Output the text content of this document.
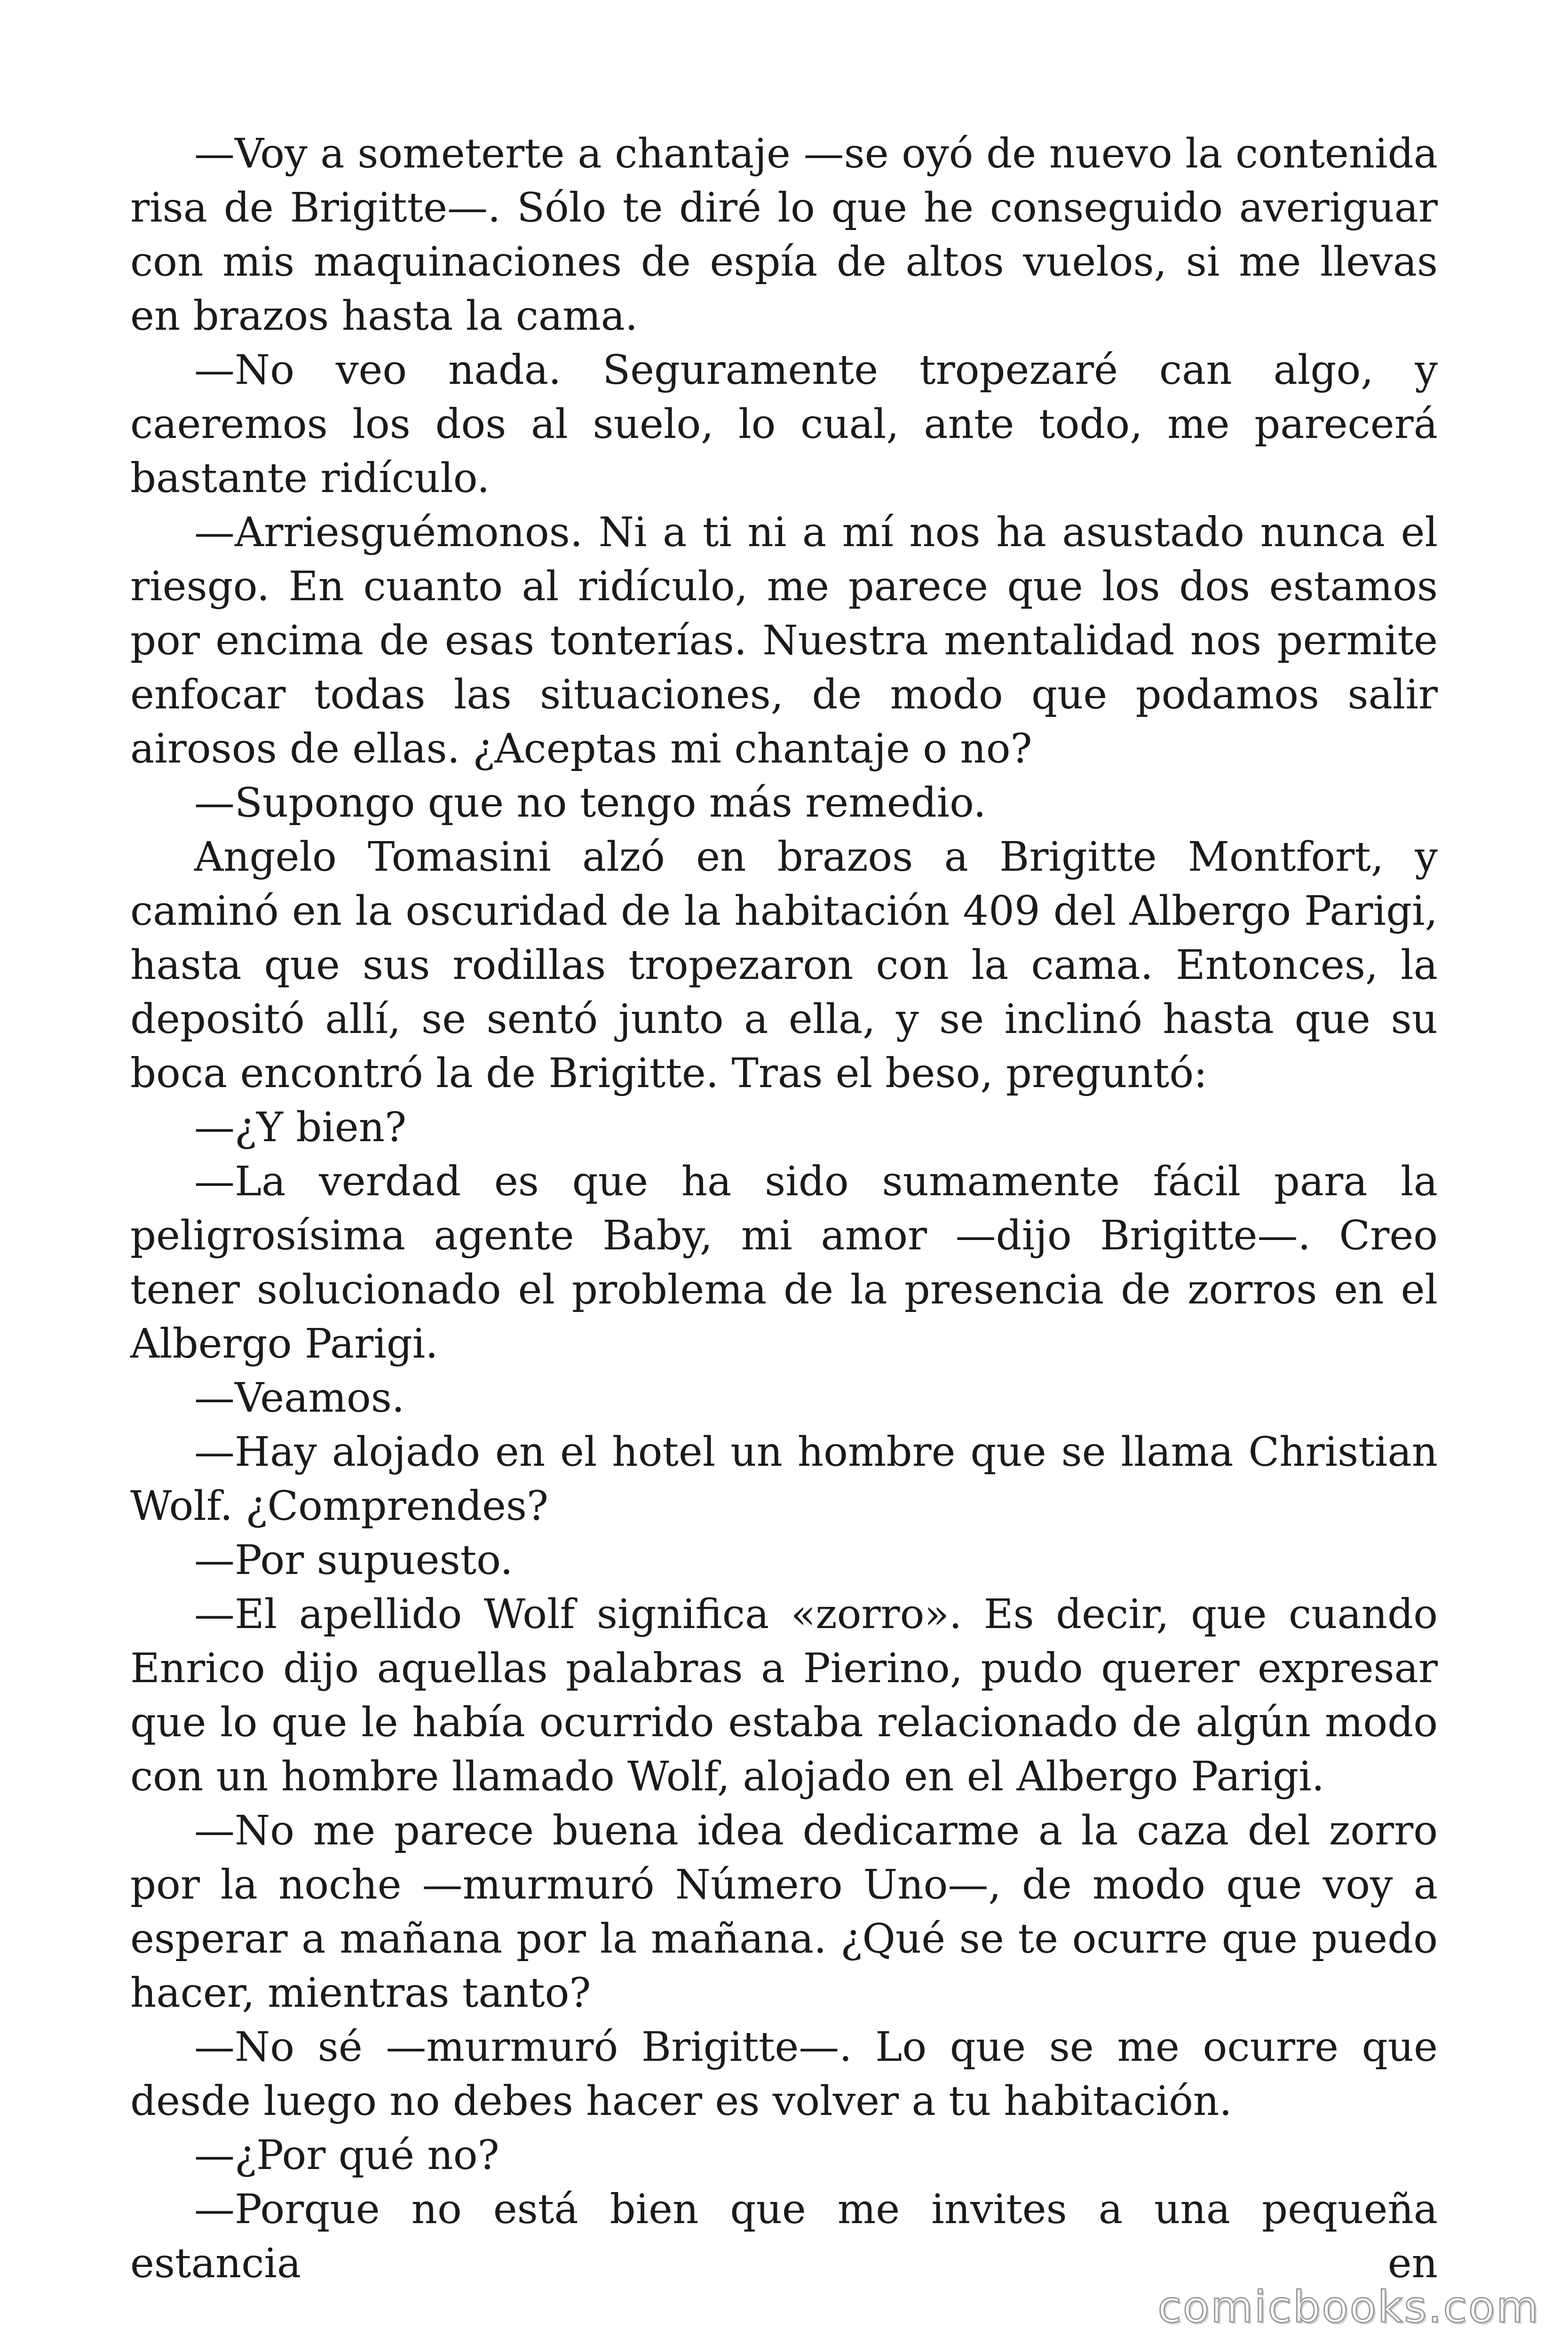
—Voy a someterte a chantaje —se oyó de nuevo la contenida risa de Brigitte—. Sólo te diré lo que he conseguido averiguar con mis maquinaciones de espía de altos vuelos, si me llevas en brazos hasta la cama.

—No veo nada. Seguramente tropezaré can algo, y caeremos los dos al suelo, lo cual, ante todo, me parecerá bastante ridículo.

—Arriesguémonos. Ni a ti ni a mí nos ha asustado nunca el riesgo. En cuanto al ridículo, me parece que los dos estamos por encima de esas tonterías. Nuestra mentalidad nos permite enfocar todas las situaciones, de modo que podamos salir airosos de ellas. ¿Aceptas mi chantaje o no?

—Supongo que no tengo más remedio.

Angelo Tomasini alzó en brazos a Brigitte Montfort, y caminó en la oscuridad de la habitación 409 del Albergo Parigi, hasta que sus rodillas tropezaron con la cama. Entonces, la depositó allí, se sentó junto a ella, y se inclinó hasta que su boca encontró la de Brigitte. Tras el beso, preguntó:

—¿Y bien?

—La verdad es que ha sido sumamente fácil para la peligrosísima agente Baby, mi amor —dijo Brigitte—. Creo tener solucionado el problema de la presencia de zorros en el Albergo Parigi.

—Veamos.

—Hay alojado en el hotel un hombre que se llama Christian Wolf. ¿Comprendes?

—Por supuesto.

—El apellido Wolf significa «zorro». Es decir, que cuando Enrico dijo aquellas palabras a Pierino, pudo querer expresar que lo que le había ocurrido estaba relacionado de algún modo con un hombre llamado Wolf, alojado en el Albergo Parigi.

—No me parece buena idea dedicarme a la caza del zorro por la noche —murmuró Número Uno—, de modo que voy a esperar a mañana por la mañana. ¿Qué se te ocurre que puedo hacer, mientras tanto?

—No sé —murmuró Brigitte—. Lo que se me ocurre que desde luego no debes hacer es volver a tu habitación.

—¿Por qué no?

—Porque no está bien que me invites a una pequeña estancia en

comicbooks.com
